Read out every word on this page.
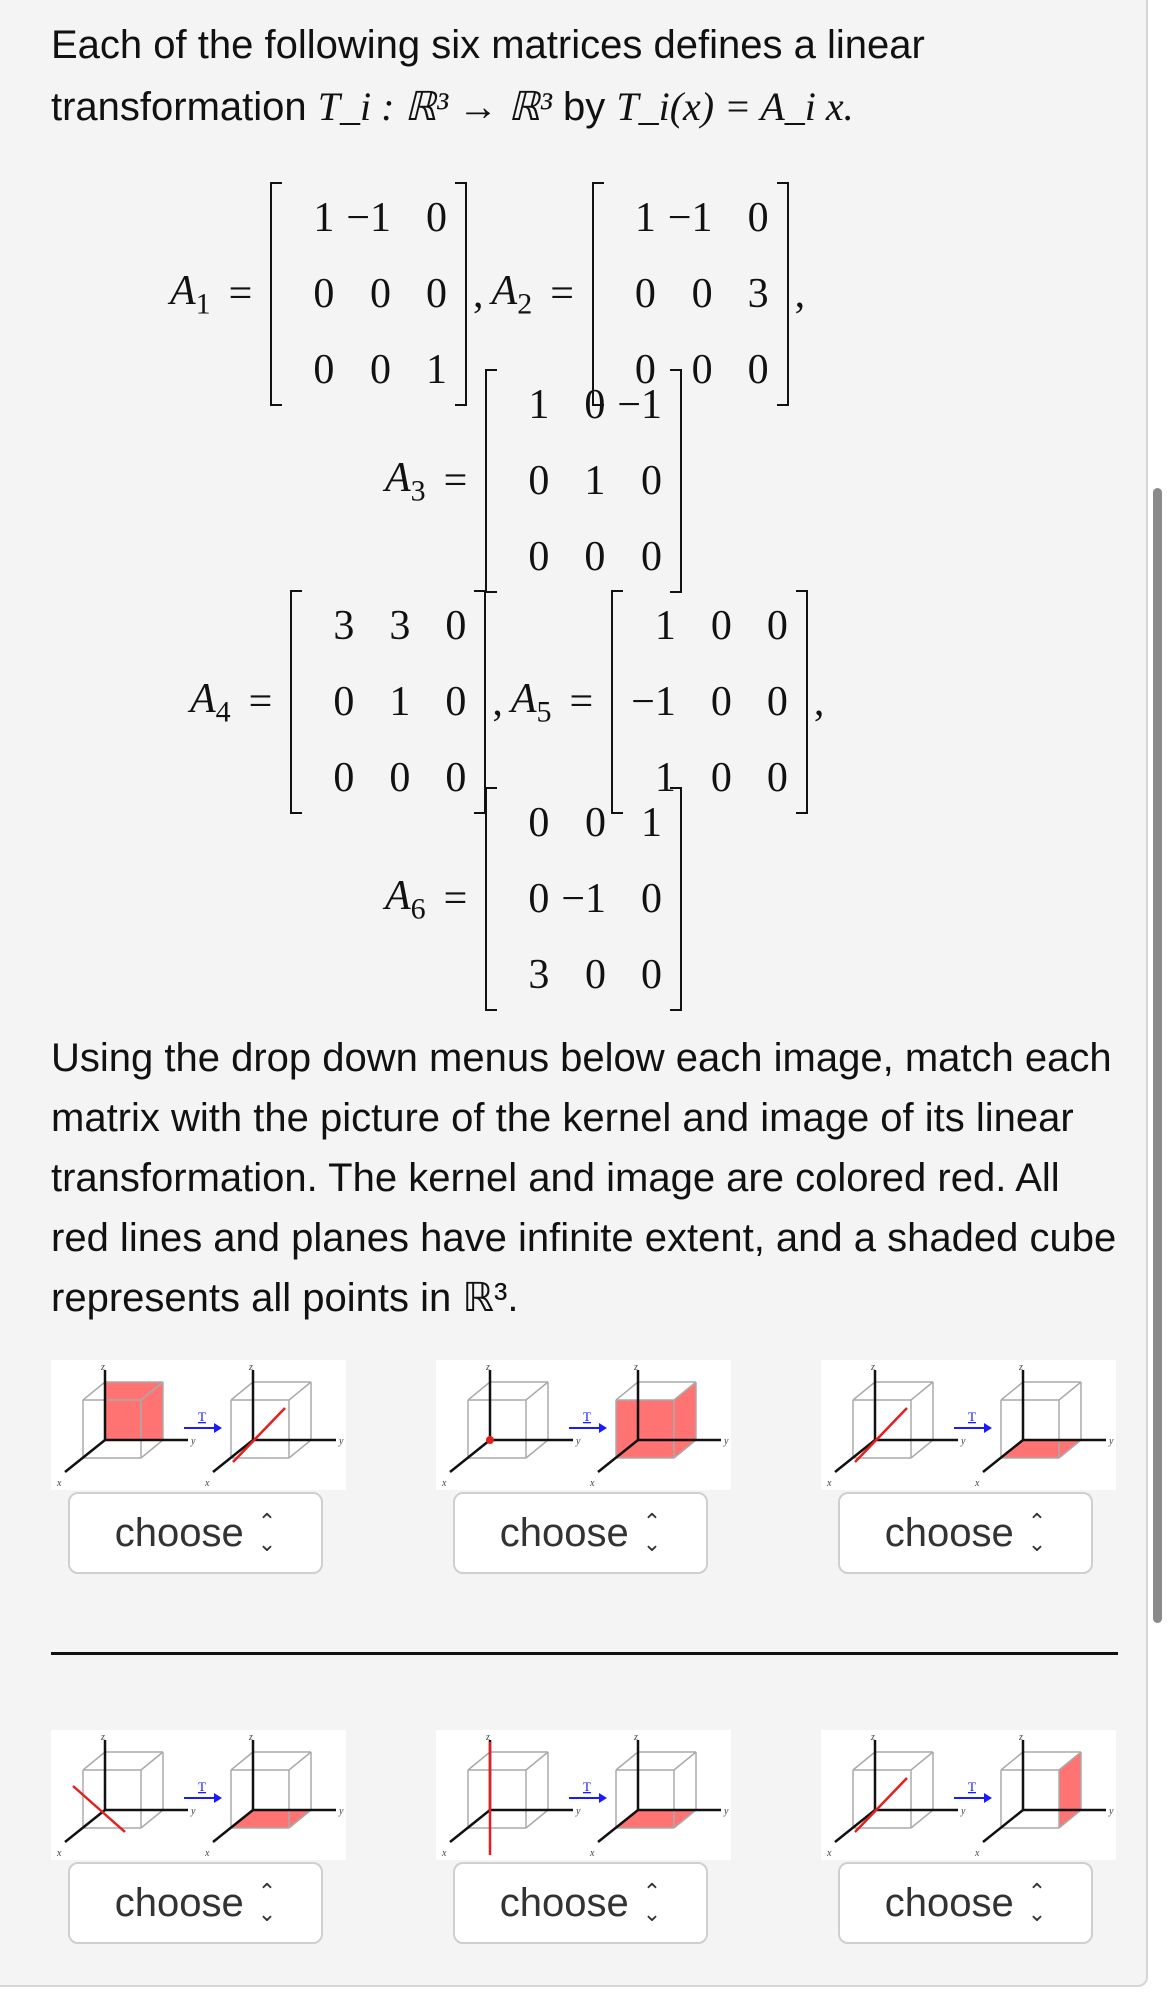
Each of the following six matrices defines a linear
transformation T_i : ℝ³ → ℝ³ by T_i(x) = A_i x.

$A_1$ =
1 −1 0
0 0 0
0 0 1
, $A_2$ =
1 −1 0
0 0 3
0 0 0
,
$A_3$ =
1 0 −1
0 1 0
0 0 0
$A_4$ =
3 3 0
0 1 0
0 0 0
, $A_5$ =
1 0 0
−1 0 0
1 0 0
,
$A_6$ =
0 0 1
0 −1 0
3 0 0

Using the drop down menus below each image, match each matrix with the picture of the kernel and image of its linear transformation. The kernel and image are colored red. All red lines and planes have infinite extent, and a shaded cube represents all points in ℝ³.

z
y
x
z
y
x
T
z
y
x
z
y
x
T
z
y
x
z
y
x
T
choose ⌃
⌄	choose ⌃
⌄	choose ⌃
⌄
z
y
x
z
y
x
T
z
y
x
z
y
x
T
z
y
x
z
y
x
T
choose ⌃
⌄	choose ⌃
⌄	choose ⌃
⌄
